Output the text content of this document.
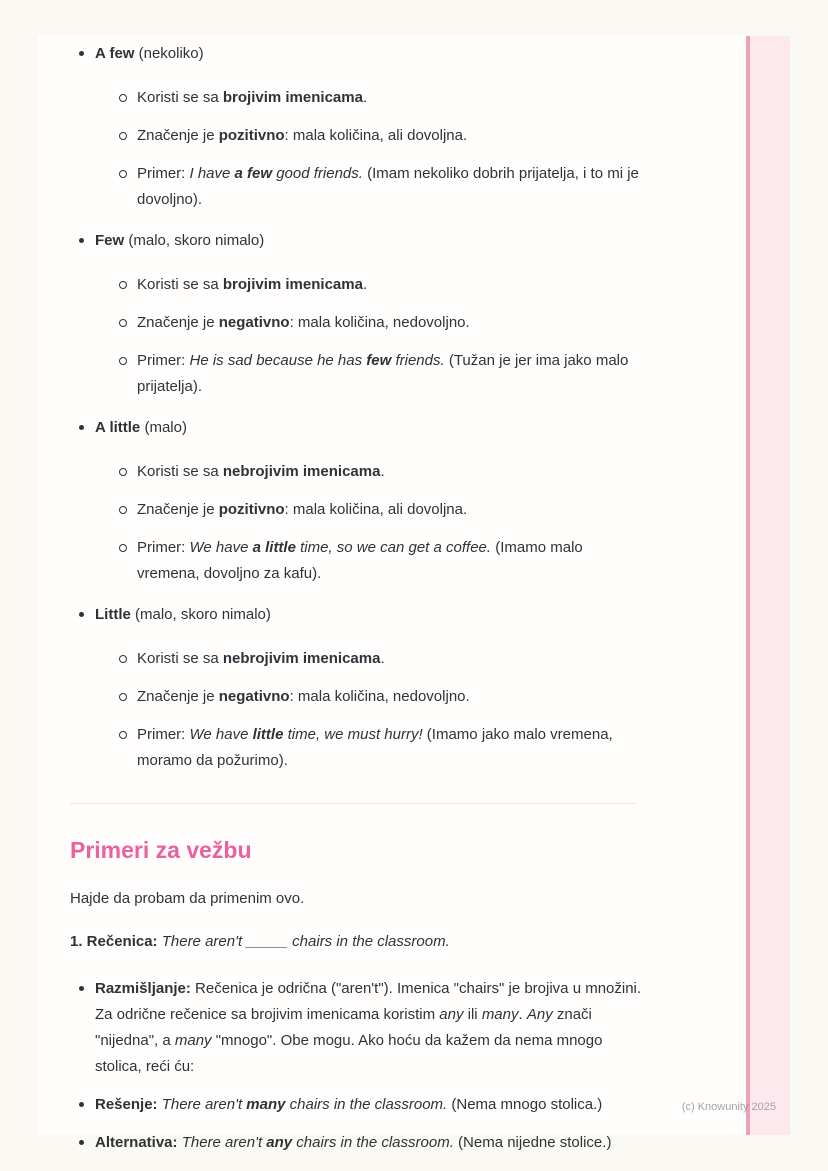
A few (nekoliko)
Koristi se sa brojivim imenicama.
Značenje je pozitivno: mala količina, ali dovoljna.
Primer: I have a few good friends. (Imam nekoliko dobrih prijatelja, i to mi je dovoljno).
Few (malo, skoro nimalo)
Koristi se sa brojivim imenicama.
Značenje je negativno: mala količina, nedovoljno.
Primer: He is sad because he has few friends. (Tužan je jer ima jako malo prijatelja).
A little (malo)
Koristi se sa nebrojivim imenicama.
Značenje je pozitivno: mala količina, ali dovoljna.
Primer: We have a little time, so we can get a coffee. (Imamo malo vremena, dovoljno za kafu).
Little (malo, skoro nimalo)
Koristi se sa nebrojivim imenicama.
Značenje je negativno: mala količina, nedovoljno.
Primer: We have little time, we must hurry! (Imamo jako malo vremena, moramo da požurimo).
Primeri za vežbu

Hajde da probam da primenim ovo.

1. Rečenica: There aren't _____ chairs in the classroom.

Razmišljanje: Rečenica je odrična ("aren't"). Imenica "chairs" je brojiva u množini. Za odrične rečenice sa brojivim imenicama koristim any ili many. Any znači "nijedna", a many "mnogo". Obe mogu. Ako hoću da kažem da nema mnogo stolica, reći ću:
Rešenje: There aren't many chairs in the classroom. (Nema mnogo stolica.)
Alternativa: There aren't any chairs in the classroom. (Nema nijedne stolice.)
(c) Knowunity 2025
